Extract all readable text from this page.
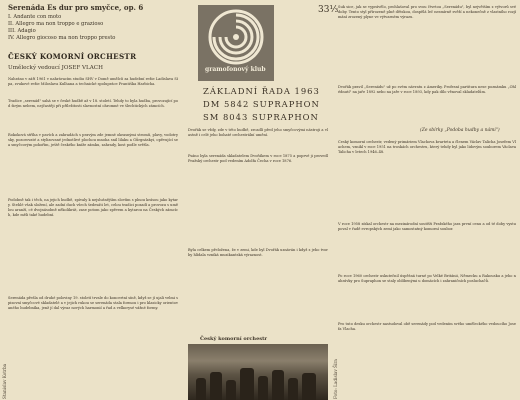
Serenáda Es dur pro smyčce, op. 6
I. Andante con moto
II. Allegro ma non troppo e grazioso
III. Adagio
IV. Allegro giocoso ma non troppo presto
ČESKÝ KOMORNÍ ORCHESTR
Umělecký vedoucí JOSEF VLACH
Nahráno v září 1961 v nahrávacím studiu SHV v Domě umělců za hudební režie Ladislava Šípa, zvukové režie Miloslava Kulhana a technické spolupráce Františka Harbicha.
Tradice „serenád" sahá se v české hudbě až v 18. století. Tehdy to byla hudba, provozující pod širým nebem, nejčastěji při příležitosti slavnostní ohromné ve šlechtických zámcích.
Rokoková stříha v pavích a zahradách s pravým zde jemné okrasnými stromů, plavy, vodotrysky, pozorovaté a stylizované jednotlivé plochou mnoha snil lilaku a Gůrgnáskyi, opěvující se a smyčcovým pohořím, ještě českého kníže zámku, zahrady, kost podle světla.
Podobně tak i těch, na jejich hudbě, zpívaly k nejslušnějším slovům s plnou krásou jako kytary. Stehlé však složení, ale zadní duch všech šedesáti let, celou tradici pozadí a provozu s umělou aranží, cé dvojnásobně několikrát, zase potom jako zpěvem a kytarou na Českých zámcích, kde měli také hudební.
Serenáda přešla od druhé poloviny 19. století trvale do koncertní síně, když se jí ujali velmi spisovní smyčcové skladatelé a v jejich rukou se serenáda stala formou i pro klasicky orientovaného hudebníka, jenž jí dal výraz nových harmonií a řad a velkorysé vážné formy.
Stanislav Kotrba
gramofonový klub
33⅓
ZÁKLADNÍ ŘADA 1963
DM 5842 SUPRAPHON
SM 8043 SUPRAPHON
Dvořák se vždy, zde v této hudbě, zrcadlí před jeho smyčcovými nástroji a vlastně i celé jeho bohaté orchestrální umění.
Psáno byla serenáda skladatelem Dvořákem v roce 1875 a poprvé ji provedl Pražský orchestr pod vedením Adolfa Čecha v roce 1876.
Byla celkem přeložena, že v zemi, kde byl Dvořák uznáván i když z jeho tvorby hlídala vzniká muzikantská výraznost.
Český komorní orchestr
Suk sice, jak se vyprávělo, prohlašoval pro svou čtvrtou „Serenádu", byl největším z výtvorů své doby. Tento styl přírozeně plně dětskou, dospělá leč nesmírně svěží a nekonečně z vlastního rozjímání zrozený plyne ve výtvarném výrazu.
Dvořák pravil „Serenádu" už po svém návratu z Ameriky. Profesní partitura nese poznámku „Ohlédnutí" na jaře 1892 nebo na jaře v roce 1893, kdy pak dílo věnoval skladatelům.
(Ze sbírky „Podoba hudby a námi")
Český komorní orchestr, vedený primáriem Vlachova kvarteta a členem Václav Talicha Josefem Vlachem, vznikl v roce 1951 na troskách orchestru, který tehdy byl jako lidovým souborem Václava Talicha v letech 1946–48.
V roce 1958 získal orchestr na mezinárodní soutěži Pražského jara první cenu a od té doby vystupoval v řadě evropských zemí jako samostatný komorní soubor.
Po roce 1960 orchestr uskutečnil úspěšná turné po Velké Británii, Německu a Rakousku a jeho nahrávky pro Supraphon se staly oblíbenými u domácích i zahraničních posluchačů.
Pro tuto desku orchestr nastudoval obě serenády pod vedením svého uměleckého vedoucího Josefa Vlacha.
Foto: Ladislav Šíra
